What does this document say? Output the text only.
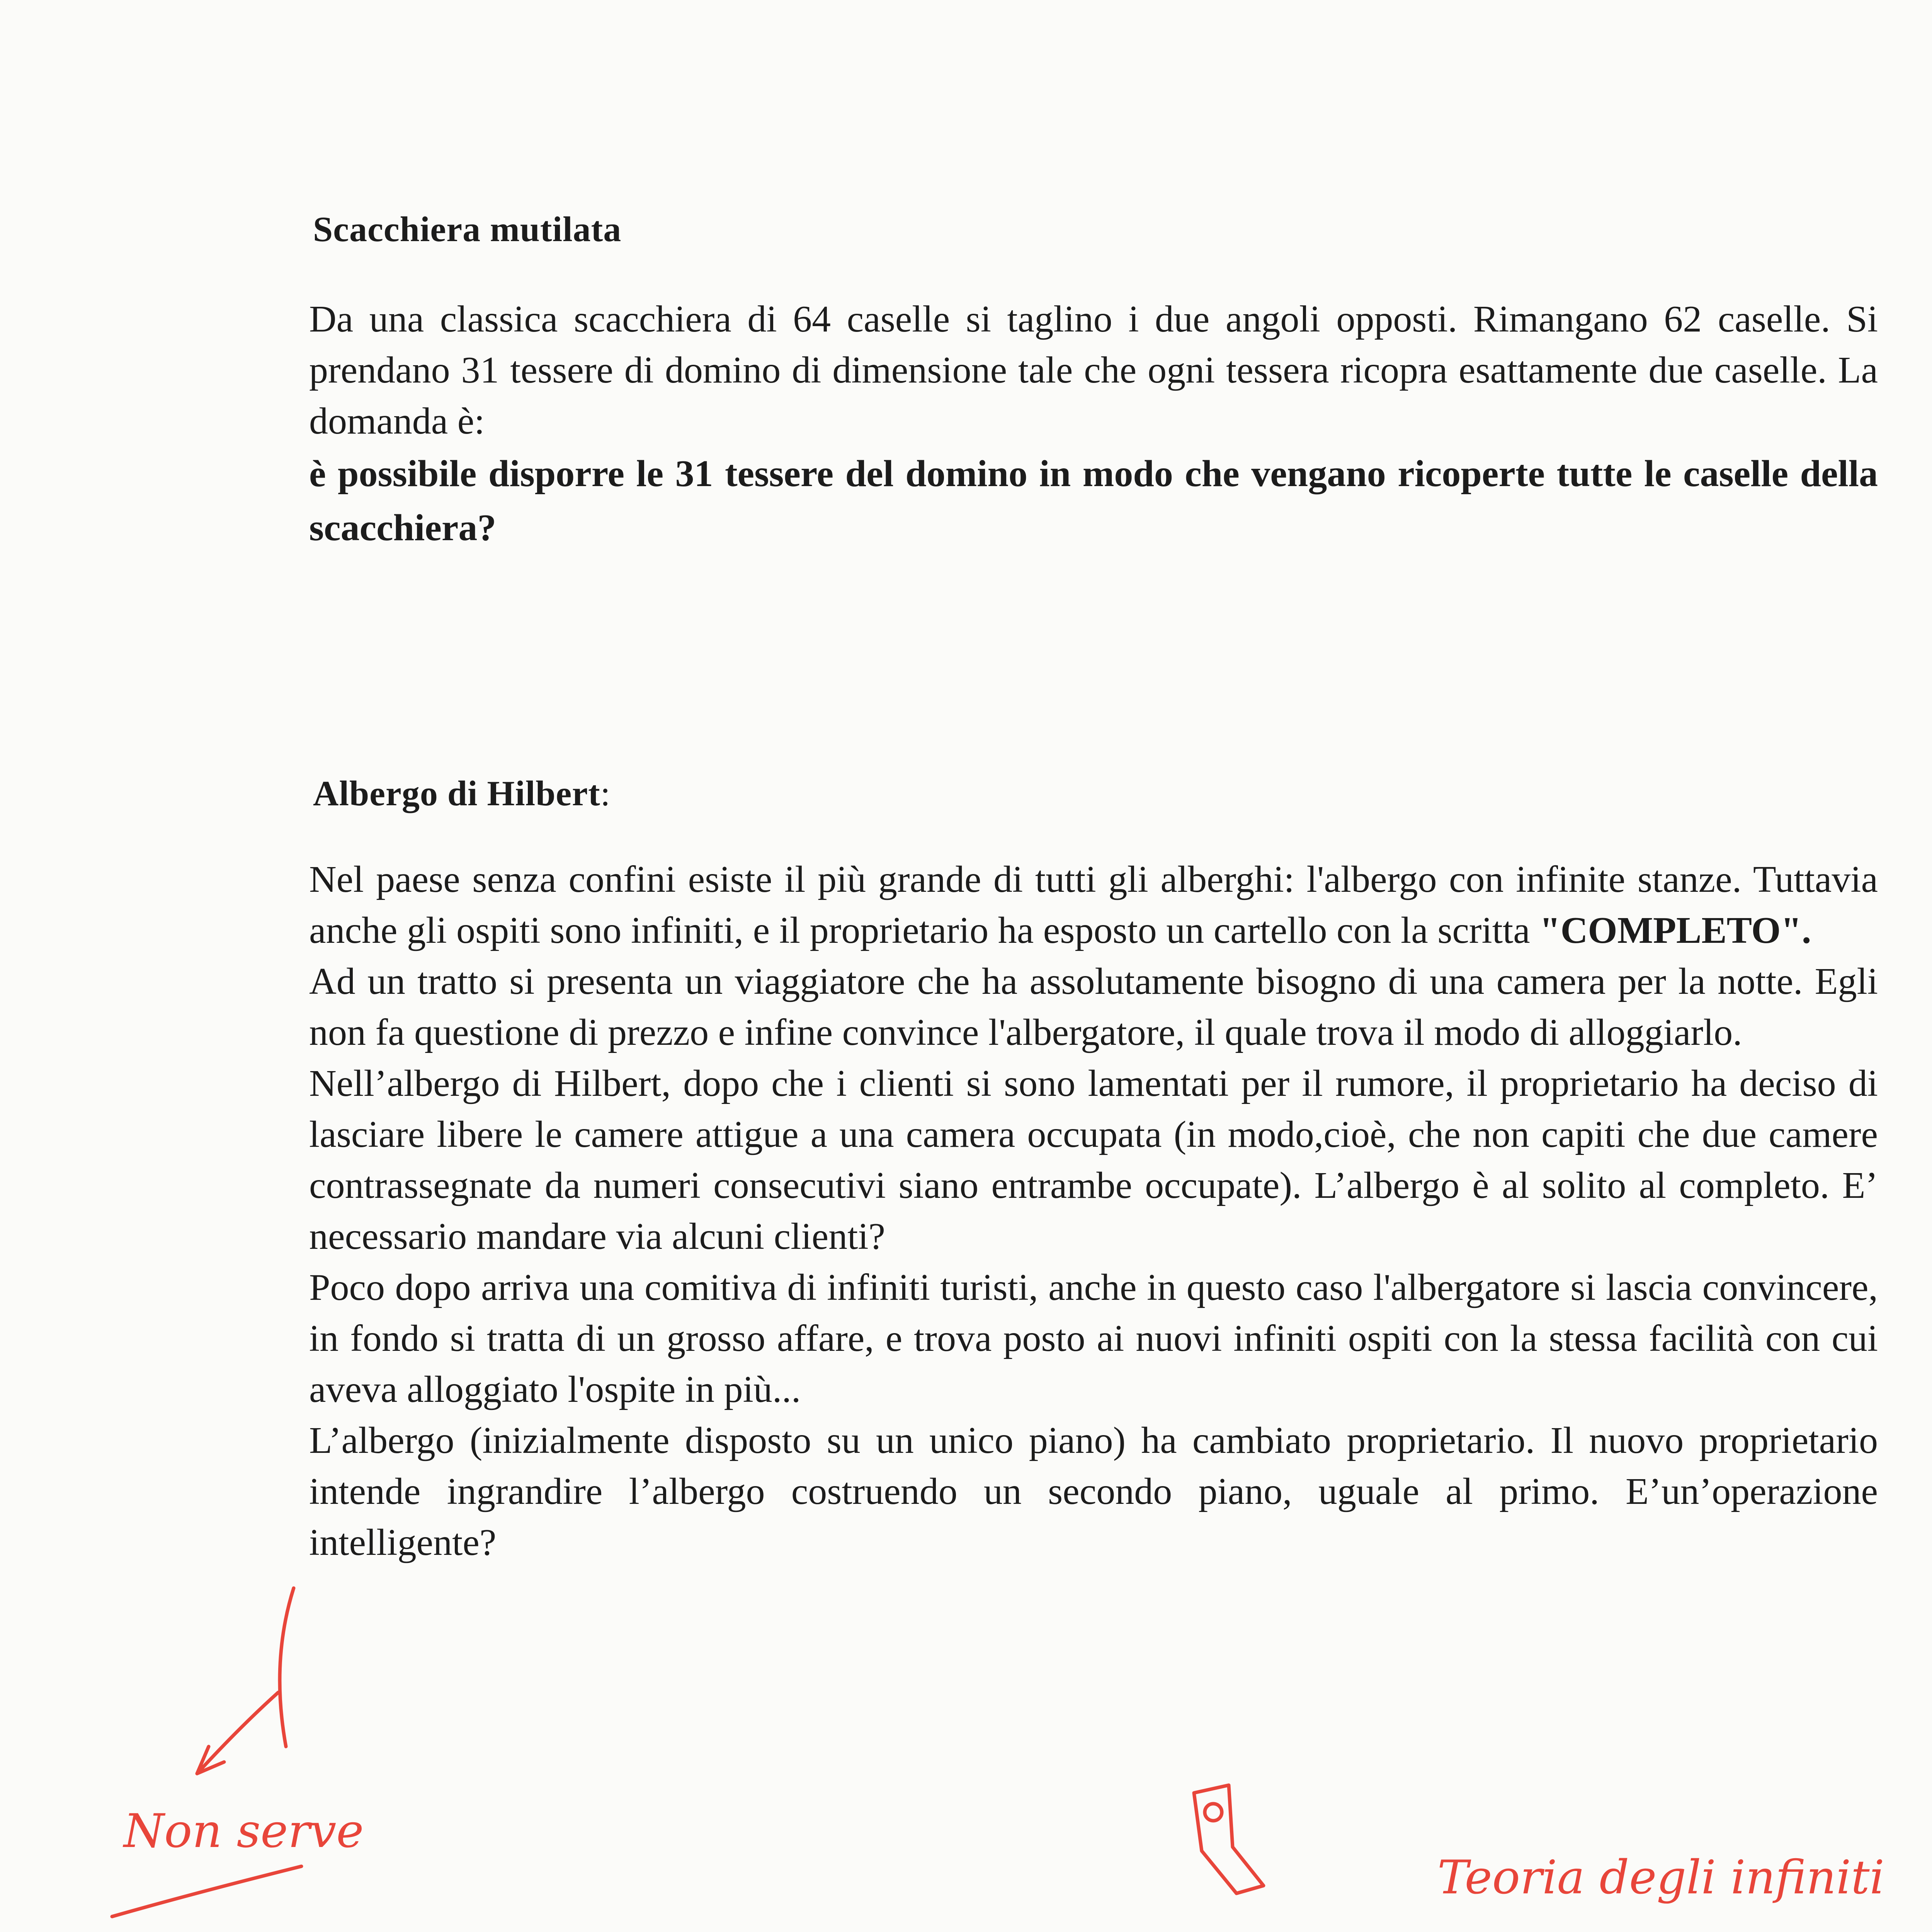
Scacchiera mutilata

Da una classica scacchiera di 64 caselle si taglino i due angoli opposti. Rimangano 62 caselle. Si prendano 31 tessere di domino di dimensione tale che ogni tessera ricopra esattamente due caselle. La domanda è:

è possibile disporre le 31 tessere del domino in modo che vengano ricoperte tutte le caselle della scacchiera?

Albergo di Hilbert:

Nel paese senza confini esiste il più grande di tutti gli alberghi: l'albergo con infinite stanze. Tuttavia anche gli ospiti sono infiniti, e il proprietario ha esposto un cartello con la scritta "COMPLETO".

Ad un tratto si presenta un viaggiatore che ha assolutamente bisogno di una camera per la notte. Egli non fa questione di prezzo e infine convince l'albergatore, il quale trova il modo di alloggiarlo.

Nell’albergo di Hilbert, dopo che i clienti si sono lamentati per il rumore, il proprietario ha deciso di lasciare libere le camere attigue a una camera occupata (in modo,cioè, che non capiti che due camere contrassegnate da numeri consecutivi siano entrambe occupate). L’albergo è al solito al completo. E’ necessario mandare via alcuni clienti?

Poco dopo arriva una comitiva di infiniti turisti, anche in questo caso l'albergatore si lascia convincere, in fondo si tratta di un grosso affare, e trova posto ai nuovi infiniti ospiti con la stessa facilità con cui aveva alloggiato l'ospite in più...

L’albergo (inizialmente disposto su un unico piano) ha cambiato proprietario. Il nuovo proprietario intende ingrandire l’albergo costruendo un secondo piano, uguale al primo. E’un’operazione intelligente?

Non serve
Teoria degli infiniti
